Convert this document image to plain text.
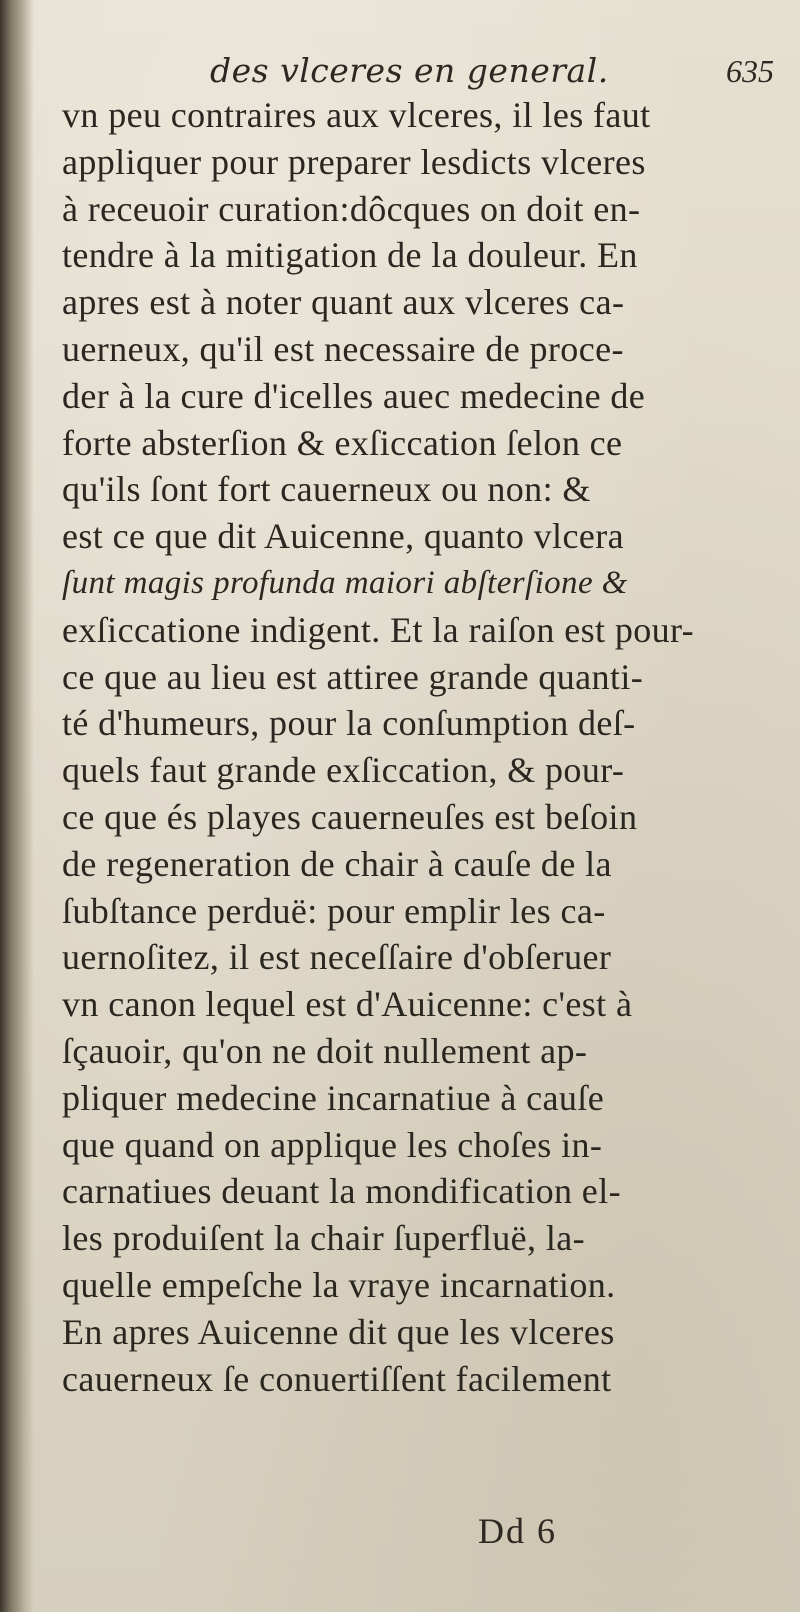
des vlceres en general.	635
vn peu contraires aux vlceres, il les faut
appliquer pour preparer lesdicts vlceres
à receuoir curation:dôcques on doit en-
tendre à la mitigation de la douleur. En
apres est à noter quant aux vlceres ca-
uerneux, qu'il est necessaire de proce-
der à la cure d'icelles auec medecine de
forte absterſion & exſiccation ſelon ce
qu'ils ſont fort cauerneux ou non: &
est ce que dit Auicenne, quanto vlcera
ſunt magis profunda maiori abſterſione &
exſiccatione indigent. Et la raiſon est pour-
ce que au lieu est attiree grande quanti-
té d'humeurs, pour la conſumption deſ-
quels faut grande exſiccation, & pour-
ce que és playes cauerneuſes est beſoin
de regeneration de chair à cauſe de la
ſubſtance perduë: pour emplir les ca-
uernoſitez, il est neceſſaire d'obſeruer
vn canon lequel est d'Auicenne: c'est à
ſçauoir, qu'on ne doit nullement ap-
pliquer medecine incarnatiue à cauſe
que quand on applique les choſes in-
carnatiues deuant la mondification el-
les produiſent la chair ſuperfluë, la-
quelle empeſche la vraye incarnation.
En apres Auicenne dit que les vlceres
cauerneux ſe conuertiſſent facilement
Dd 6
